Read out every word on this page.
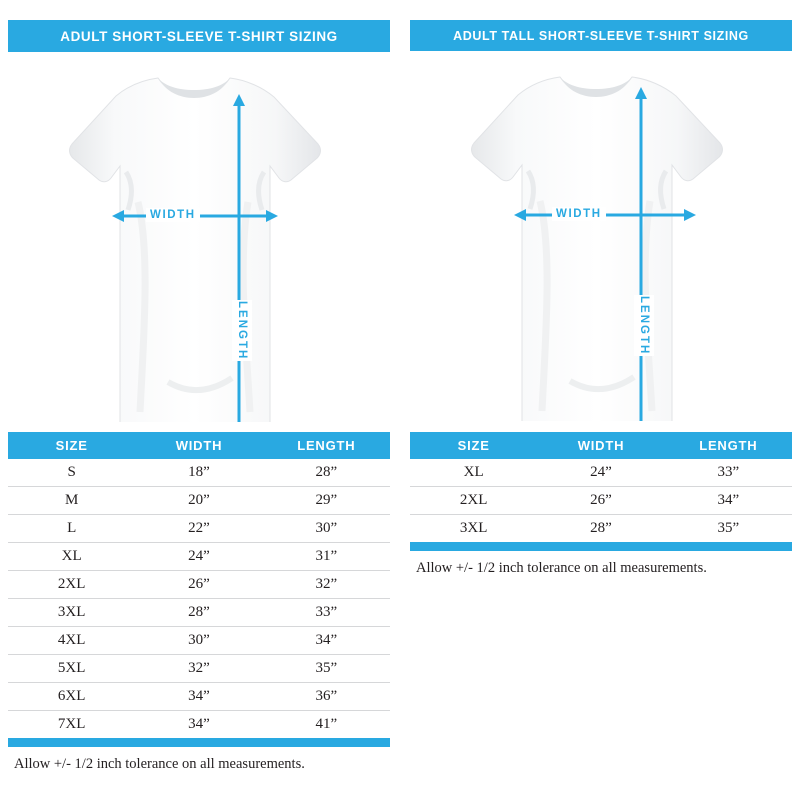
ADULT SHORT-SLEEVE T-SHIRT SIZING
WIDTH
LENGTH
ADULT TALL SHORT-SLEEVE T-SHIRT SIZING
WIDTH
LENGTH
SIZE	WIDTH	LENGTH
S	18”	28”
M	20”	29”
L	22”	30”
XL	24”	31”
2XL	26”	32”
3XL	28”	33”
4XL	30”	34”
5XL	32”	35”
6XL	34”	36”
7XL	34”	41”
Allow +/- 1/2 inch tolerance on all measurements.
SIZE	WIDTH	LENGTH
XL	24”	33”
2XL	26”	34”
3XL	28”	35”
Allow +/- 1/2 inch tolerance on all measurements.
